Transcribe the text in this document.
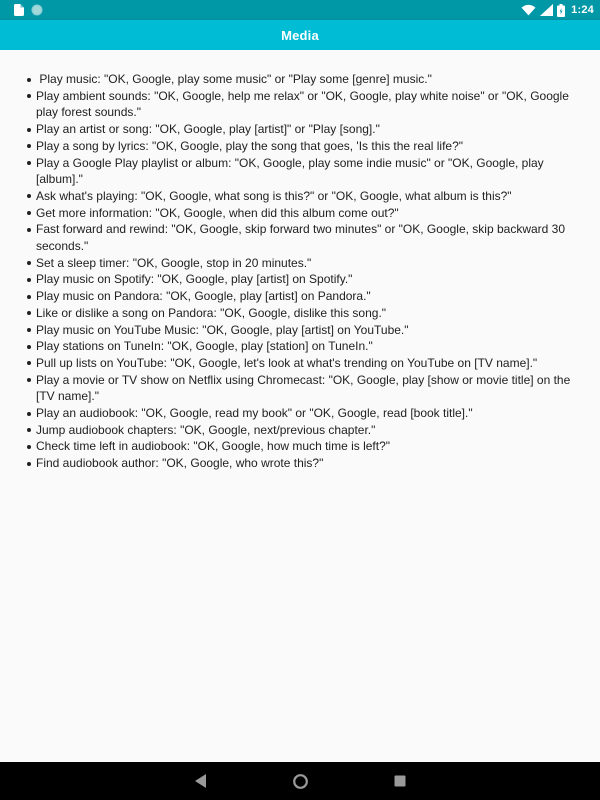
1:24
Media
Play music: "OK, Google, play some music" or "Play some [genre] music."
Play ambient sounds: "OK, Google, help me relax" or "OK, Google, play white noise" or "OK, Google play forest sounds."
Play an artist or song: "OK, Google, play [artist]" or "Play [song]."
Play a song by lyrics: "OK, Google, play the song that goes, 'Is this the real life?"
Play a Google Play playlist or album: "OK, Google, play some indie music" or "OK, Google, play [album]."
Ask what's playing: "OK, Google, what song is this?" or "OK, Google, what album is this?"
Get more information: "OK, Google, when did this album come out?"
Fast forward and rewind: "OK, Google, skip forward two minutes" or "OK, Google, skip backward 30 seconds."
Set a sleep timer: "OK, Google, stop in 20 minutes."
Play music on Spotify: "OK, Google, play [artist] on Spotify."
Play music on Pandora: "OK, Google, play [artist] on Pandora."
Like or dislike a song on Pandora: "OK, Google, dislike this song."
Play music on YouTube Music: "OK, Google, play [artist] on YouTube."
Play stations on TuneIn: "OK, Google, play [station] on TuneIn."
Pull up lists on YouTube: "OK, Google, let's look at what's trending on YouTube on [TV name]."
Play a movie or TV show on Netflix using Chromecast: "OK, Google, play [show or movie title] on the [TV name]."
Play an audiobook: "OK, Google, read my book" or "OK, Google, read [book title]."
Jump audiobook chapters: "OK, Google, next/previous chapter."
Check time left in audiobook: "OK, Google, how much time is left?"
Find audiobook author: "OK, Google, who wrote this?"
